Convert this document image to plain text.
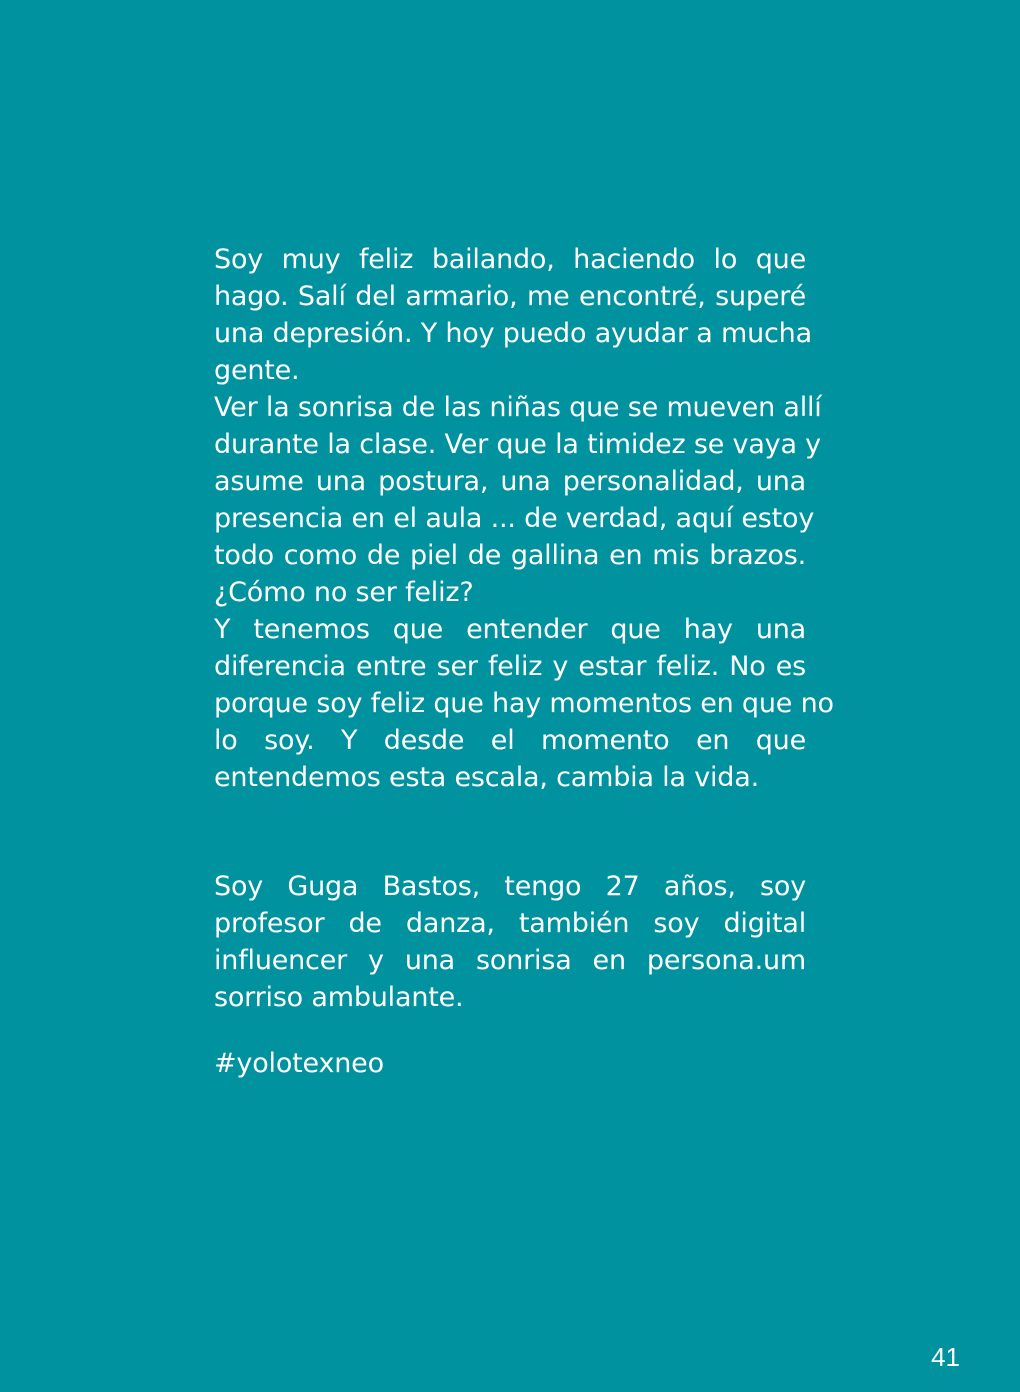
Soy muy feliz bailando, haciendo lo que
hago. Salí del armario, me encontré, superé
una depresión. Y hoy puedo ayudar a mucha
gente.
Ver la sonrisa de las niñas que se mueven allí
durante la clase. Ver que la timidez se vaya y
asume una postura, una personalidad, una
presencia en el aula ... de verdad, aquí estoy
todo como de piel de gallina en mis brazos.
¿Cómo no ser feliz?
Y tenemos que entender que hay una
diferencia entre ser feliz y estar feliz. No es
porque soy feliz que hay momentos en que no
lo soy. Y desde el momento en que
entendemos esta escala, cambia la vida.
Soy Guga Bastos, tengo 27 años, soy
profesor de danza, también soy digital
influencer y una sonrisa en persona.um
sorriso ambulante.
#yolotexneo
41
